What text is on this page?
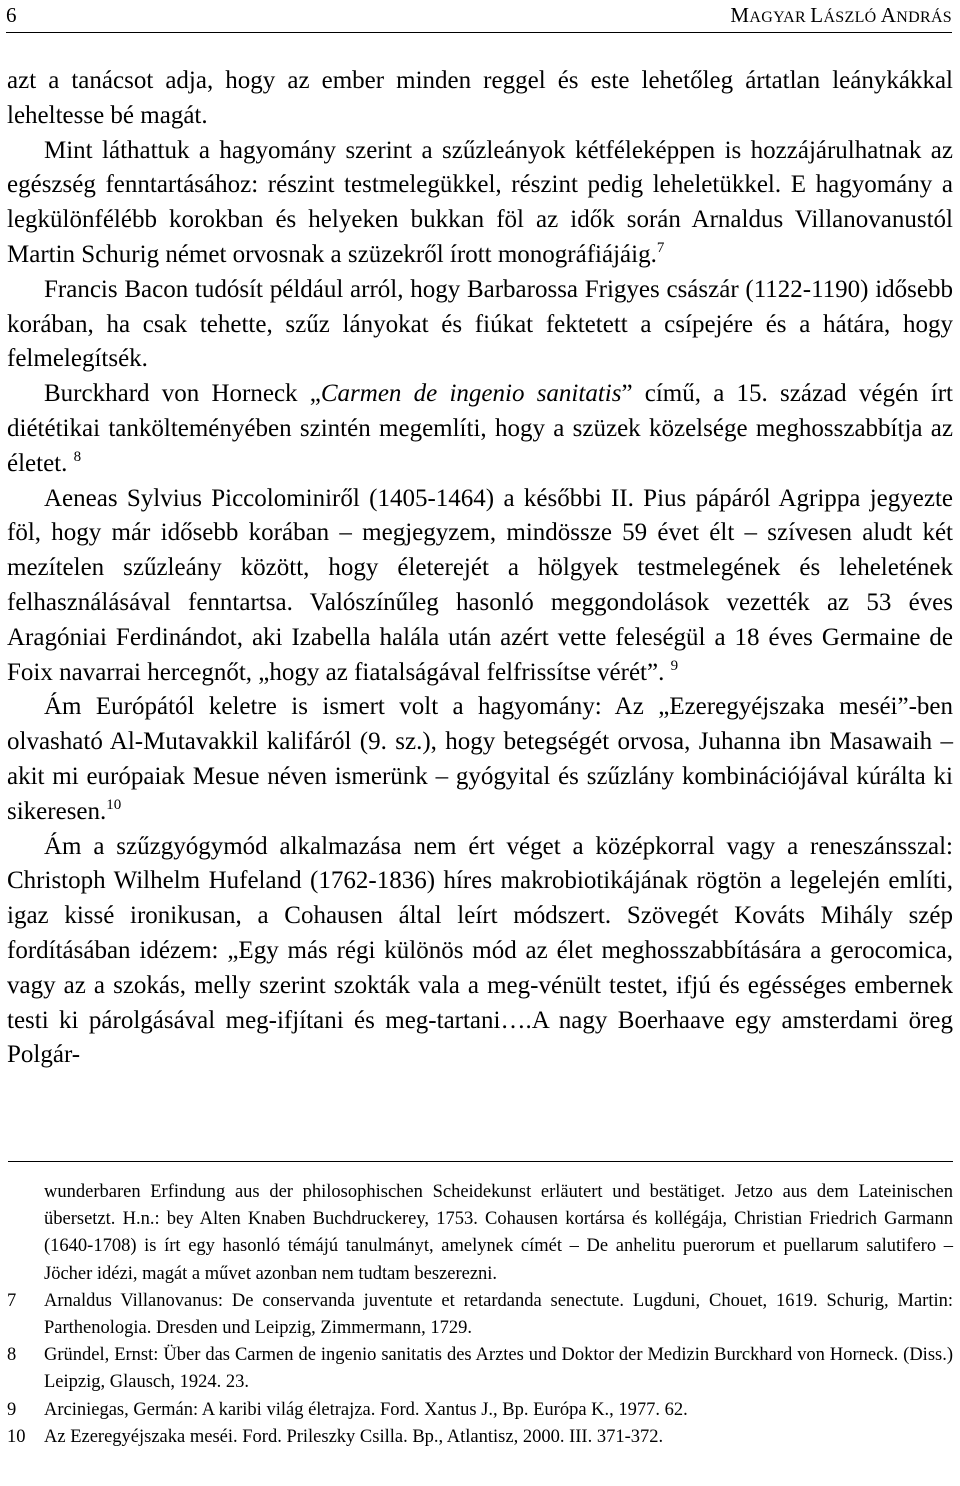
6	MAGYAR LÁSZLÓ ANDRÁS

azt a tanácsot adja, hogy az ember minden reggel és este lehetőleg ártatlan leánykákkal leheltesse bé magát.

Mint láthattuk a hagyomány szerint a szűzleányok kétféleképpen is hozzájárulhatnak az egészség fenntartásához: részint testmelegükkel, részint pedig leheletükkel. E hagyomány a legkülönfélébb korokban és helyeken bukkan föl az idők során Arnaldus Villanovanustól Martin Schurig német orvosnak a szüzekről írott monográfiájáig.$^7$

Francis Bacon tudósít például arról, hogy Barbarossa Frigyes császár (1122-1190) idősebb korában, ha csak tehette, szűz lányokat és fiúkat fektetett a csípejére és a hátára, hogy felmelegítsék.

Burckhard von Horneck „Carmen de ingenio sanitatis” című, a 15. század végén írt diététikai tankölteményében szintén megemlíti, hogy a szüzek közelsége meghosszabbítja az életet. $^8$

Aeneas Sylvius Piccolominiről (1405-1464) a későbbi II. Pius pápáról Agrippa jegyezte föl, hogy már idősebb korában – megjegyzem, mindössze 59 évet élt – szívesen aludt két mezítelen szűzleány között, hogy életerejét a hölgyek testmelegének és leheletének felhasználásával fenntartsa. Valószínűleg hasonló meggondolások vezették az 53 éves Aragóniai Ferdinándot, aki Izabella halála után azért vette feleségül a 18 éves Germaine de Foix navarrai hercegnőt, „hogy az fiatalságával felfrissítse vérét”. $^9$

Ám Európától keletre is ismert volt a hagyomány: Az „Ezeregyéjszaka meséi”-ben olvasható Al-Mutavakkil kalifáról (9. sz.), hogy betegségét orvosa, Juhanna ibn Masawaih – akit mi európaiak Mesue néven ismerünk – gyógyital és szűzlány kombinációjával kúrálta ki sikeresen.$^{10}$

Ám a szűzgyógymód alkalmazása nem ért véget a középkorral vagy a reneszánsszal: Christoph Wilhelm Hufeland (1762-1836) híres makrobiotikájának rögtön a legelején említi, igaz kissé ironikusan, a Cohausen által leírt módszert. Szövegét Kováts Mihály szép fordításában idézem: „Egy más régi különös mód az élet meghosszabbítására a gerocomica, vagy az a szokás, melly szerint szokták vala a meg-vénült testet, ifjú és egésséges embernek testi ki párolgásával meg-ifjítani és meg-tartani….A nagy Boerhaave egy amsterdami öreg Polgár-

wunderbaren Erfindung aus der philosophischen Scheidekunst erläutert und bestätiget. Jetzo aus dem Lateinischen übersetzt. H.n.: bey Alten Knaben Buchdruckerey, 1753. Cohausen kortársa és kollégája, Christian Friedrich Garmann (1640-1708) is írt egy hasonló témájú tanulmányt, amelynek címét – De anhelitu puerorum et puellarum salutifero – Jöcher idézi, magát a művet azonban nem tudtam beszerezni.
7 Arnaldus Villanovanus: De conservanda juventute et retardanda senectute. Lugduni, Chouet, 1619. Schurig, Martin: Parthenologia. Dresden und Leipzig, Zimmermann, 1729.
8 Gründel, Ernst: Über das Carmen de ingenio sanitatis des Arztes und Doktor der Medizin Burckhard von Horneck. (Diss.) Leipzig, Glausch, 1924. 23.
9 Arciniegas, Germán: A karibi világ életrajza. Ford. Xantus J., Bp. Európa K., 1977. 62.
10 Az Ezeregyéjszaka meséi. Ford. Prileszky Csilla. Bp., Atlantisz, 2000. III. 371-372.
